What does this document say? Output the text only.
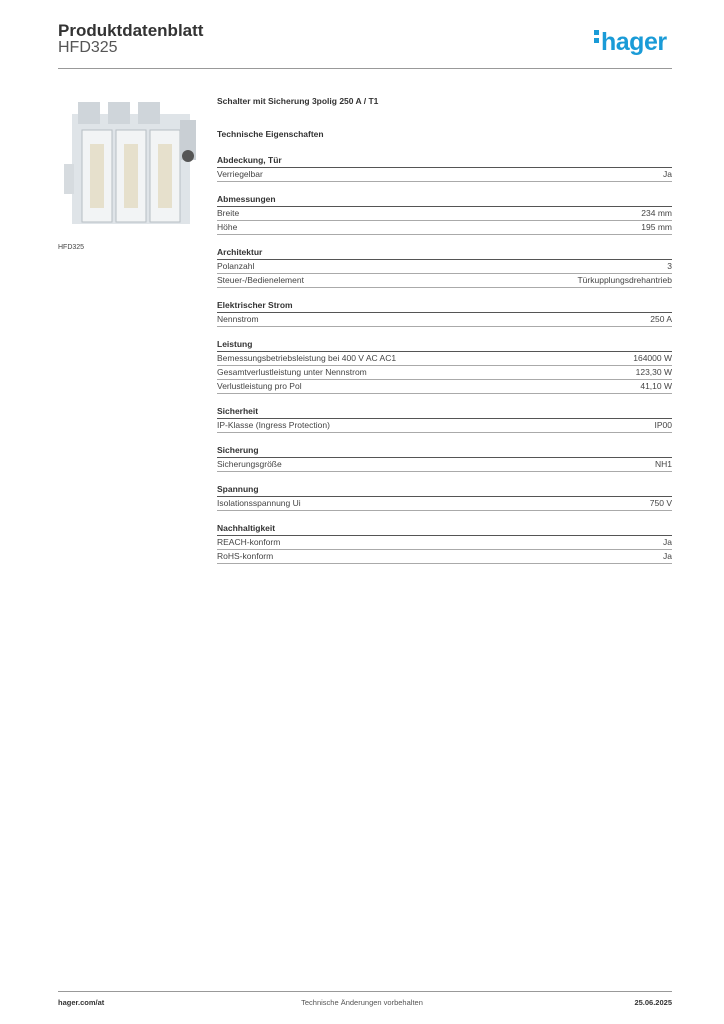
Produktdatenblatt
HFD325	hager
HFD325
Schalter mit Sicherung 3polig 250 A / T1
Technische Eigenschaften
Abdeckung, Tür
Verriegelbar	Ja
Abmessungen
Breite	234 mm
Höhe	195 mm
Architektur
Polanzahl	3
Steuer-/Bedienelement	Türkupplungsdrehantrieb
Elektrischer Strom
Nennstrom	250 A
Leistung
Bemessungsbetriebsleistung bei 400 V AC AC1	164000 W
Gesamtverlustleistung unter Nennstrom	123,30 W
Verlustleistung pro Pol	41,10 W
Sicherheit
IP-Klasse (Ingress Protection)	IP00
Sicherung
Sicherungsgröße	NH1
Spannung
Isolationsspannung Ui	750 V
Nachhaltigkeit
REACH-konform	Ja
RoHS-konform	Ja
hager.com/at	Technische Änderungen vorbehalten	25.06.2025
